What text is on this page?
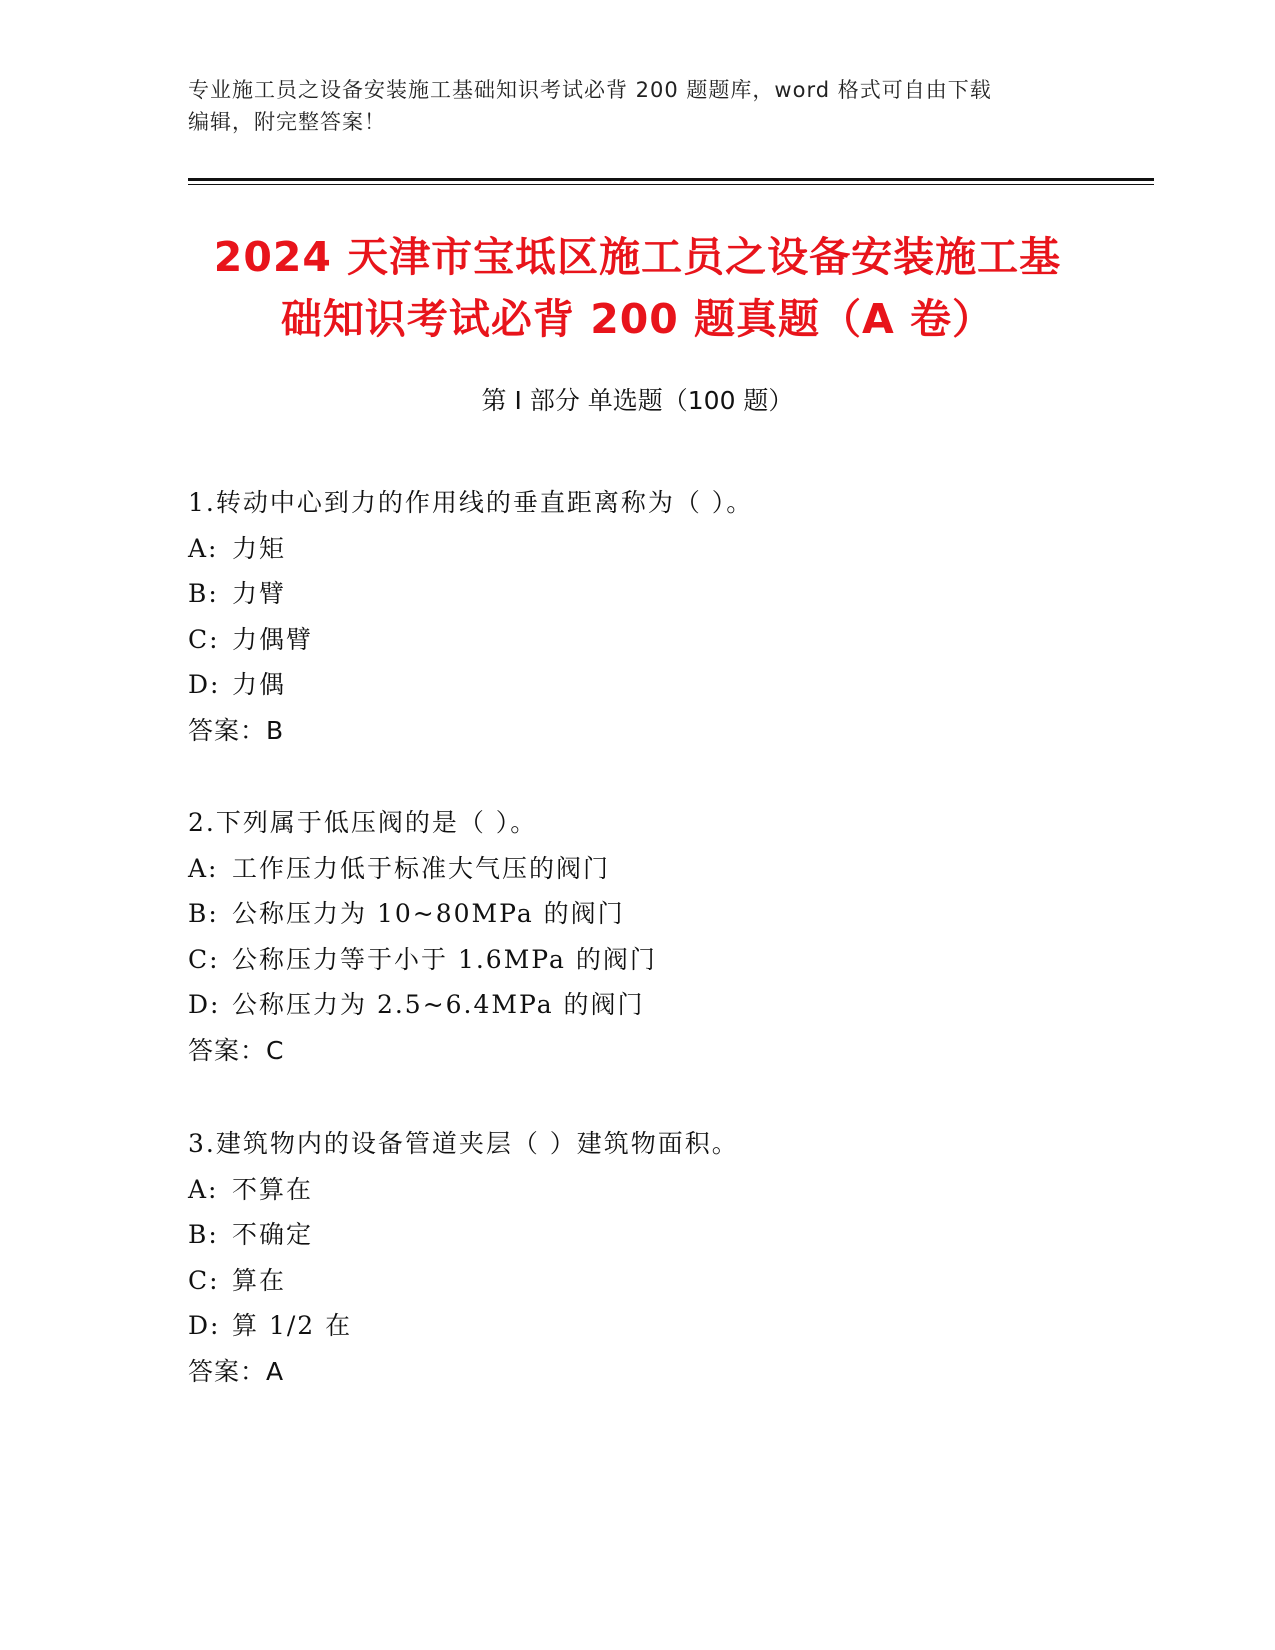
专业施工员之设备安装施工基础知识考试必背 200 题题库，word 格式可自由下载
编辑，附完整答案！
2024 天津市宝坻区施工员之设备安装施工基
础知识考试必背 200 题真题（A 卷）
第 I 部分 单选题（100 题）
1.转动中心到力的作用线的垂直距离称为（ ）。
A: 力矩
B: 力臂
C: 力偶臂
D: 力偶
答案：B
2.下列属于低压阀的是（ ）。
A: 工作压力低于标准大气压的阀门
B: 公称压力为 10~80MPa 的阀门
C: 公称压力等于小于 1.6MPa 的阀门
D: 公称压力为 2.5~6.4MPa 的阀门
答案：C
3.建筑物内的设备管道夹层（ ）建筑物面积。
A: 不算在
B: 不确定
C: 算在
D: 算 1/2 在
答案：A
